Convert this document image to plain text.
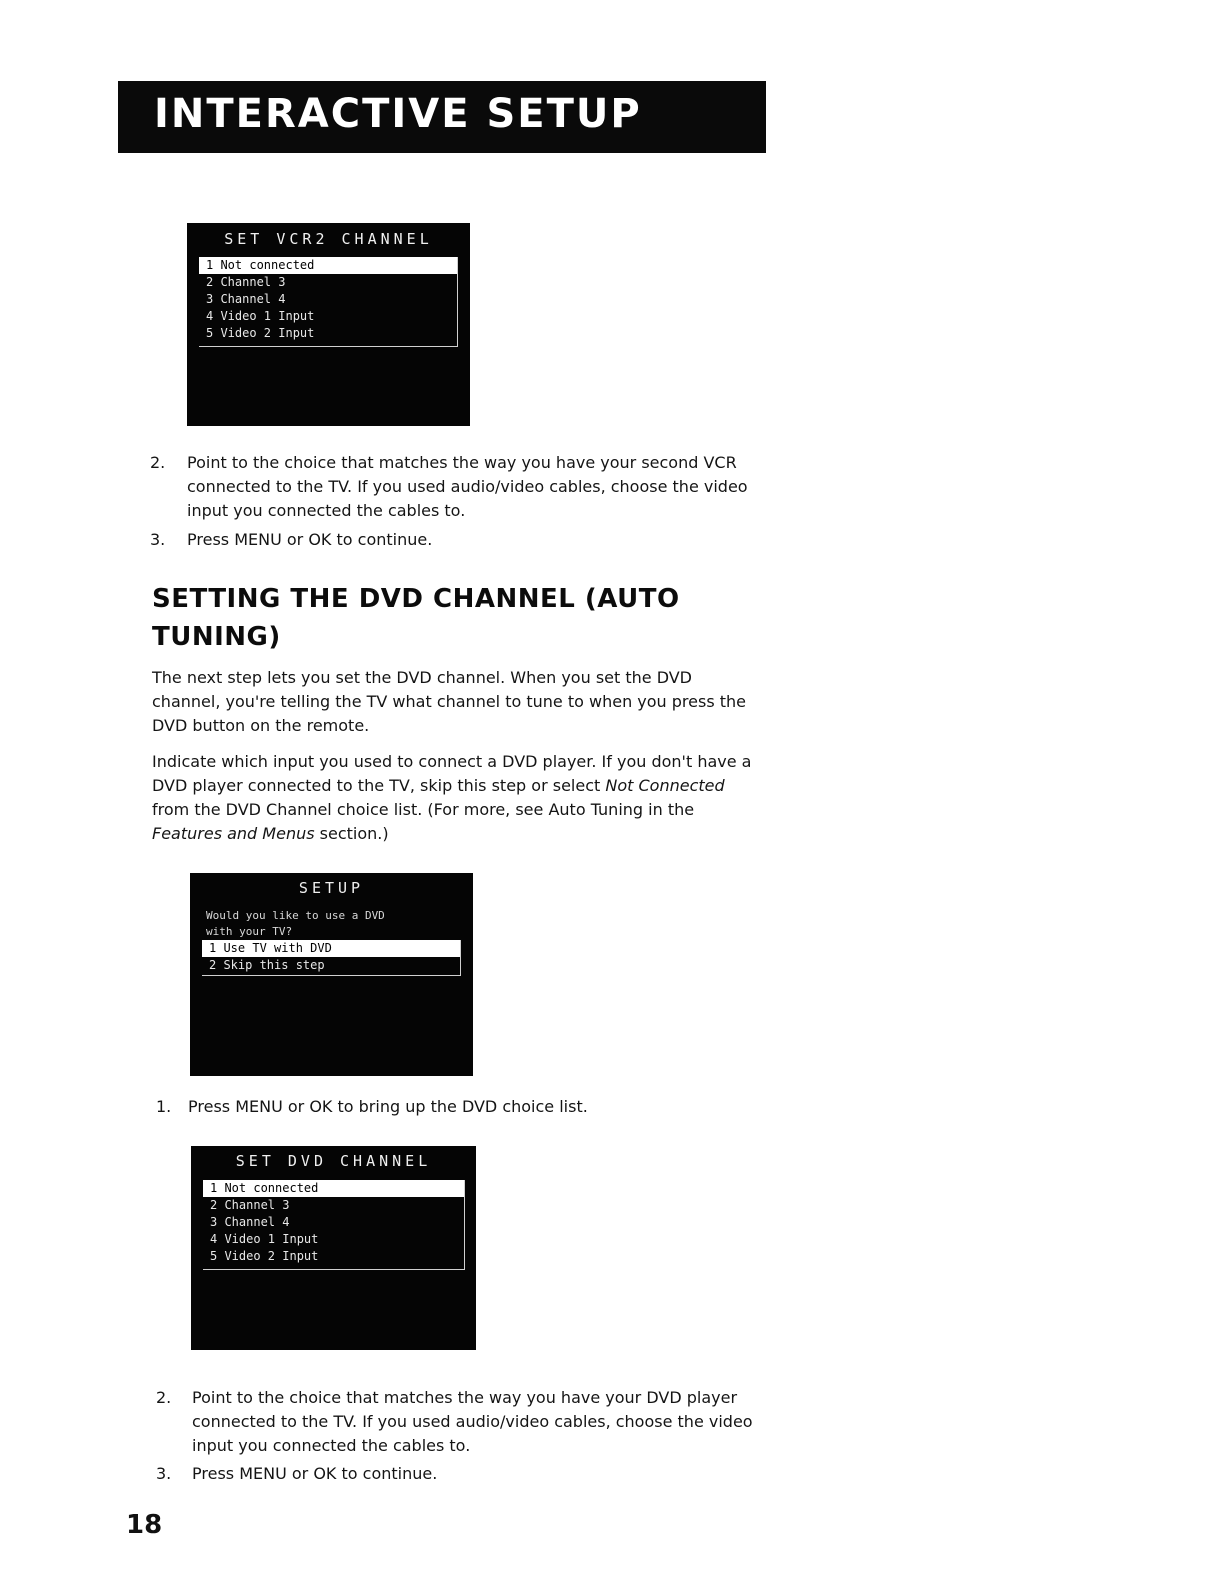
INTERACTIVE SETUP
SET VCR2 CHANNEL
1 Not connected
2 Channel 3
3 Channel 4
4 Video 1 Input
5 Video 2 Input
2. Point to the choice that matches the way you have your second VCR connected to the TV. If you used audio/video cables, choose the video input you connected the cables to.
3. Press MENU or OK to continue.
SETTING THE DVD CHANNEL (AUTO TUNING)
The next step lets you set the DVD channel. When you set the DVD channel, you're telling the TV what channel to tune to when you press the DVD button on the remote.
Indicate which input you used to connect a DVD player. If you don't have a DVD player connected to the TV, skip this step or select Not Connected from the DVD Channel choice list. (For more, see Auto Tuning in the Features and Menus section.)
SETUP
Would you like to use a DVD
with your TV?
1 Use TV with DVD
2 Skip this step
1. Press MENU or OK to bring up the DVD choice list.
SET DVD CHANNEL
1 Not connected
2 Channel 3
3 Channel 4
4 Video 1 Input
5 Video 2 Input
2. Point to the choice that matches the way you have your DVD player connected to the TV. If you used audio/video cables, choose the video input you connected the cables to.
3. Press MENU or OK to continue.
18
